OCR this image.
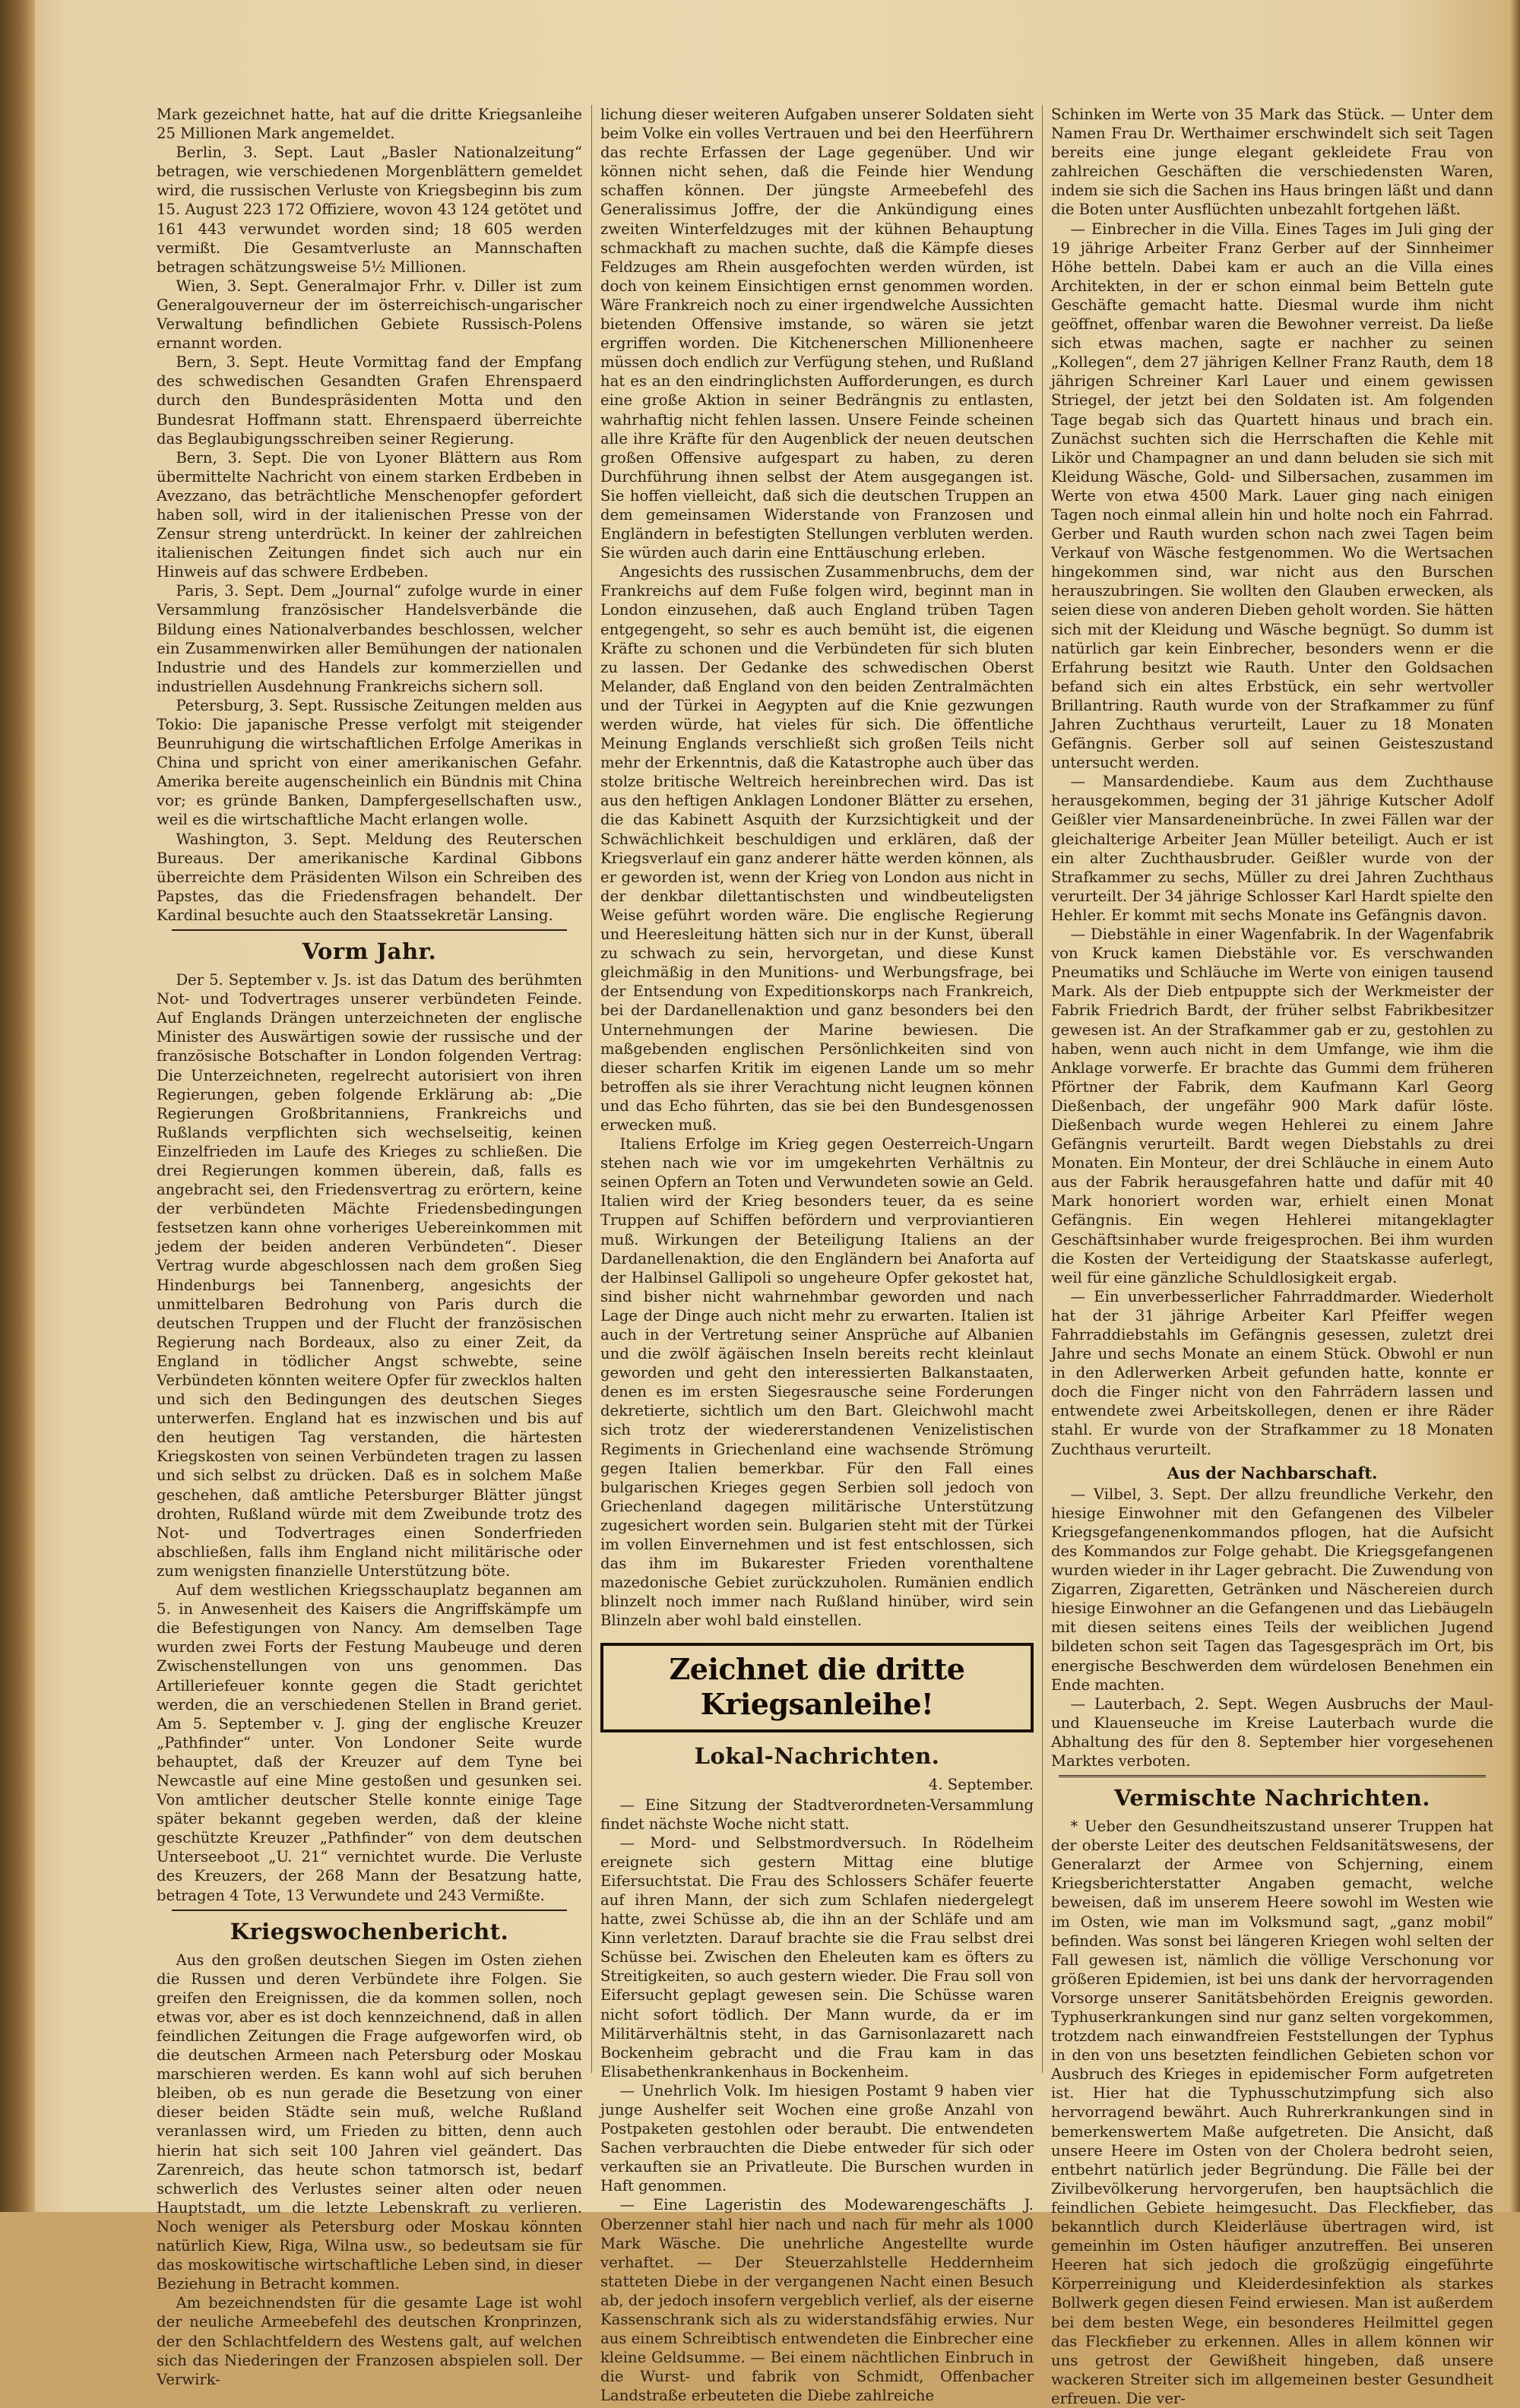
Mark gezeichnet hatte, hat auf die dritte Kriegsanleihe 25 Millionen Mark angemeldet.

Berlin, 3. Sept. Laut „Basler Nationalzeitung“ betragen, wie verschiedenen Morgenblättern gemeldet wird, die russischen Verluste von Kriegsbeginn bis zum 15. August 223 172 Offiziere, wovon 43 124 getötet und 161 443 verwundet worden sind; 18 605 werden vermißt. Die Gesamtverluste an Mannschaften betragen schätzungsweise 5½ Millionen.

Wien, 3. Sept. Generalmajor Frhr. v. Diller ist zum Generalgouverneur der im österreichisch-ungarischer Verwaltung befindlichen Gebiete Russisch-Polens ernannt worden.

Bern, 3. Sept. Heute Vormittag fand der Empfang des schwedischen Gesandten Grafen Ehrenspaerd durch den Bundespräsidenten Motta und den Bundesrat Hoffmann statt. Ehrenspaerd überreichte das Beglaubigungsschreiben seiner Regierung.

Bern, 3. Sept. Die von Lyoner Blättern aus Rom übermittelte Nachricht von einem starken Erdbeben in Avezzano, das beträchtliche Menschenopfer gefordert haben soll, wird in der italienischen Presse von der Zensur streng unterdrückt. In keiner der zahlreichen italienischen Zeitungen findet sich auch nur ein Hinweis auf das schwere Erdbeben.

Paris, 3. Sept. Dem „Journal“ zufolge wurde in einer Versammlung französischer Handelsverbände die Bildung eines Nationalverbandes beschlossen, welcher ein Zusammenwirken aller Bemühungen der nationalen Industrie und des Handels zur kommerziellen und industriellen Ausdehnung Frankreichs sichern soll.

Petersburg, 3. Sept. Russische Zeitungen melden aus Tokio: Die japanische Presse verfolgt mit steigender Beunruhigung die wirtschaftlichen Erfolge Amerikas in China und spricht von einer amerikanischen Gefahr. Amerika bereite augenscheinlich ein Bündnis mit China vor; es gründe Banken, Dampfergesellschaften usw., weil es die wirtschaftliche Macht erlangen wolle.

Washington, 3. Sept. Meldung des Reuterschen Bureaus. Der amerikanische Kardinal Gibbons überreichte dem Präsidenten Wilson ein Schreiben des Papstes, das die Friedensfragen behandelt. Der Kardinal besuchte auch den Staatssekretär Lansing.

Vorm Jahr.

Der 5. September v. Js. ist das Datum des berühmten Not- und Todvertrages unserer verbündeten Feinde. Auf Englands Drängen unterzeichneten der englische Minister des Auswärtigen sowie der russische und der französische Botschafter in London folgenden Vertrag: Die Unterzeichneten, regelrecht autorisiert von ihren Regierungen, geben folgende Erklärung ab: „Die Regierungen Großbritanniens, Frankreichs und Rußlands verpflichten sich wechselseitig, keinen Einzelfrieden im Laufe des Krieges zu schließen. Die drei Regierungen kommen überein, daß, falls es angebracht sei, den Friedensvertrag zu erörtern, keine der verbündeten Mächte Friedensbedingungen festsetzen kann ohne vorheriges Uebereinkommen mit jedem der beiden anderen Verbündeten“. Dieser Vertrag wurde abgeschlossen nach dem großen Sieg Hindenburgs bei Tannenberg, angesichts der unmittelbaren Bedrohung von Paris durch die deutschen Truppen und der Flucht der französischen Regierung nach Bordeaux, also zu einer Zeit, da England in tödlicher Angst schwebte, seine Verbündeten könnten weitere Opfer für zwecklos halten und sich den Bedingungen des deutschen Sieges unterwerfen. England hat es inzwischen und bis auf den heutigen Tag verstanden, die härtesten Kriegskosten von seinen Verbündeten tragen zu lassen und sich selbst zu drücken. Daß es in solchem Maße geschehen, daß amtliche Petersburger Blätter jüngst drohten, Rußland würde mit dem Zweibunde trotz des Not- und Todvertrages einen Sonderfrieden abschließen, falls ihm England nicht militärische oder zum wenigsten finanzielle Unterstützung böte.

Auf dem westlichen Kriegsschauplatz begannen am 5. in Anwesenheit des Kaisers die Angriffskämpfe um die Befestigungen von Nancy. Am demselben Tage wurden zwei Forts der Festung Maubeuge und deren Zwischenstellungen von uns genommen. Das Artilleriefeuer konnte gegen die Stadt gerichtet werden, die an verschiedenen Stellen in Brand geriet. Am 5. September v. J. ging der englische Kreuzer „Pathfinder“ unter. Von Londoner Seite wurde behauptet, daß der Kreuzer auf dem Tyne bei Newcastle auf eine Mine gestoßen und gesunken sei. Von amtlicher deutscher Stelle konnte einige Tage später bekannt gegeben werden, daß der kleine geschützte Kreuzer „Pathfinder“ von dem deutschen Unterseeboot „U. 21“ vernichtet wurde. Die Verluste des Kreuzers, der 268 Mann der Besatzung hatte, betragen 4 Tote, 13 Verwundete und 243 Vermißte.

Kriegswochenbericht.

Aus den großen deutschen Siegen im Osten ziehen die Russen und deren Verbündete ihre Folgen. Sie greifen den Ereignissen, die da kommen sollen, noch etwas vor, aber es ist doch kennzeichnend, daß in allen feindlichen Zeitungen die Frage aufgeworfen wird, ob die deutschen Armeen nach Petersburg oder Moskau marschieren werden. Es kann wohl auf sich beruhen bleiben, ob es nun gerade die Besetzung von einer dieser beiden Städte sein muß, welche Rußland veranlassen wird, um Frieden zu bitten, denn auch hierin hat sich seit 100 Jahren viel geändert. Das Zarenreich, das heute schon tatmorsch ist, bedarf schwerlich des Verlustes seiner alten oder neuen Hauptstadt, um die letzte Lebenskraft zu verlieren. Noch weniger als Petersburg oder Moskau könnten natürlich Kiew, Riga, Wilna usw., so bedeutsam sie für das moskowitische wirtschaftliche Leben sind, in dieser Beziehung in Betracht kommen.

Am bezeichnendsten für die gesamte Lage ist wohl der neuliche Armeebefehl des deutschen Kronprinzen, der den Schlachtfeldern des Westens galt, auf welchen sich das Niederingen der Franzosen abspielen soll. Der Verwirk-

lichung dieser weiteren Aufgaben unserer Soldaten sieht beim Volke ein volles Vertrauen und bei den Heerführern das rechte Erfassen der Lage gegenüber. Und wir können nicht sehen, daß die Feinde hier Wendung schaffen können. Der jüngste Armeebefehl des Generalissimus Joffre, der die Ankündigung eines zweiten Winterfeldzuges mit der kühnen Behauptung schmackhaft zu machen suchte, daß die Kämpfe dieses Feldzuges am Rhein ausgefochten werden würden, ist doch von keinem Einsichtigen ernst genommen worden. Wäre Frankreich noch zu einer irgendwelche Aussichten bietenden Offensive imstande, so wären sie jetzt ergriffen worden. Die Kitchenerschen Millionenheere müssen doch endlich zur Verfügung stehen, und Rußland hat es an den eindringlichsten Aufforderungen, es durch eine große Aktion in seiner Bedrängnis zu entlasten, wahrhaftig nicht fehlen lassen. Unsere Feinde scheinen alle ihre Kräfte für den Augenblick der neuen deutschen großen Offensive aufgespart zu haben, zu deren Durchführung ihnen selbst der Atem ausgegangen ist. Sie hoffen vielleicht, daß sich die deutschen Truppen an dem gemeinsamen Widerstande von Franzosen und Engländern in befestigten Stellungen verbluten werden. Sie würden auch darin eine Enttäuschung erleben.

Angesichts des russischen Zusammenbruchs, dem der Frankreichs auf dem Fuße folgen wird, beginnt man in London einzusehen, daß auch England trüben Tagen entgegengeht, so sehr es auch bemüht ist, die eigenen Kräfte zu schonen und die Verbündeten für sich bluten zu lassen. Der Gedanke des schwedischen Oberst Melander, daß England von den beiden Zentralmächten und der Türkei in Aegypten auf die Knie gezwungen werden würde, hat vieles für sich. Die öffentliche Meinung Englands verschließt sich großen Teils nicht mehr der Erkenntnis, daß die Katastrophe auch über das stolze britische Weltreich hereinbrechen wird. Das ist aus den heftigen Anklagen Londoner Blätter zu ersehen, die das Kabinett Asquith der Kurzsichtigkeit und der Schwächlichkeit beschuldigen und erklären, daß der Kriegsverlauf ein ganz anderer hätte werden können, als er geworden ist, wenn der Krieg von London aus nicht in der denkbar dilettantischsten und windbeuteligsten Weise geführt worden wäre. Die englische Regierung und Heeresleitung hätten sich nur in der Kunst, überall zu schwach zu sein, hervorgetan, und diese Kunst gleichmäßig in den Munitions- und Werbungsfrage, bei der Entsendung von Expeditionskorps nach Frankreich, bei der Dardanellenaktion und ganz besonders bei den Unternehmungen der Marine bewiesen. Die maßgebenden englischen Persönlichkeiten sind von dieser scharfen Kritik im eigenen Lande um so mehr betroffen als sie ihrer Verachtung nicht leugnen können und das Echo führten, das sie bei den Bundesgenossen erwecken muß.

Italiens Erfolge im Krieg gegen Oesterreich-Ungarn stehen nach wie vor im umgekehrten Verhältnis zu seinen Opfern an Toten und Verwundeten sowie an Geld. Italien wird der Krieg besonders teuer, da es seine Truppen auf Schiffen befördern und verproviantieren muß. Wirkungen der Beteiligung Italiens an der Dardanellenaktion, die den Engländern bei Anaforta auf der Halbinsel Gallipoli so ungeheure Opfer gekostet hat, sind bisher nicht wahrnehmbar geworden und nach Lage der Dinge auch nicht mehr zu erwarten. Italien ist auch in der Vertretung seiner Ansprüche auf Albanien und die zwölf ägäischen Inseln bereits recht kleinlaut geworden und geht den interessierten Balkanstaaten, denen es im ersten Siegesrausche seine Forderungen dekretierte, sichtlich um den Bart. Gleichwohl macht sich trotz der wiedererstandenen Venizelistischen Regiments in Griechenland eine wachsende Strömung gegen Italien bemerkbar. Für den Fall eines bulgarischen Krieges gegen Serbien soll jedoch von Griechenland dagegen militärische Unterstützung zugesichert worden sein. Bulgarien steht mit der Türkei im vollen Einvernehmen und ist fest entschlossen, sich das ihm im Bukarester Frieden vorenthaltene mazedonische Gebiet zurückzuholen. Rumänien endlich blinzelt noch immer nach Rußland hinüber, wird sein Blinzeln aber wohl bald einstellen.

Zeichnet die dritte Kriegsanleihe!
Lokal-Nachrichten.
4. September.

— Eine Sitzung der Stadtverordneten-Versammlung findet nächste Woche nicht statt.

— Mord- und Selbstmordversuch. In Rödelheim ereignete sich gestern Mittag eine blutige Eifersuchtstat. Die Frau des Schlossers Schäfer feuerte auf ihren Mann, der sich zum Schlafen niedergelegt hatte, zwei Schüsse ab, die ihn an der Schläfe und am Kinn verletzten. Darauf brachte sie die Frau selbst drei Schüsse bei. Zwischen den Eheleuten kam es öfters zu Streitigkeiten, so auch gestern wieder. Die Frau soll von Eifersucht geplagt gewesen sein. Die Schüsse waren nicht sofort tödlich. Der Mann wurde, da er im Militärverhältnis steht, in das Garnisonlazarett nach Bockenheim gebracht und die Frau kam in das Elisabethenkrankenhaus in Bockenheim.

— Unehrlich Volk. Im hiesigen Postamt 9 haben vier junge Aushelfer seit Wochen eine große Anzahl von Postpaketen gestohlen oder beraubt. Die entwendeten Sachen verbrauchten die Diebe entweder für sich oder verkauften sie an Privatleute. Die Burschen wurden in Haft genommen.

— Eine Lageristin des Modewarengeschäfts J. Oberzenner stahl hier nach und nach für mehr als 1000 Mark Wäsche. Die unehrliche Angestellte wurde verhaftet. — Der Steuerzahlstelle Heddernheim statteten Diebe in der vergangenen Nacht einen Besuch ab, der jedoch insofern vergeblich verlief, als der eiserne Kassenschrank sich als zu widerstandsfähig erwies. Nur aus einem Schreibtisch entwendeten die Einbrecher eine kleine Geldsumme. — Bei einem nächtlichen Einbruch in die Wurst- und fabrik von Schmidt, Offenbacher Landstraße erbeuteten die Diebe zahlreiche

Schinken im Werte von 35 Mark das Stück. — Unter dem Namen Frau Dr. Werthaimer erschwindelt sich seit Tagen bereits eine junge elegant gekleidete Frau von zahlreichen Geschäften die verschiedensten Waren, indem sie sich die Sachen ins Haus bringen läßt und dann die Boten unter Ausflüchten unbezahlt fortgehen läßt.

— Einbrecher in die Villa. Eines Tages im Juli ging der 19 jährige Arbeiter Franz Gerber auf der Sinnheimer Höhe betteln. Dabei kam er auch an die Villa eines Architekten, in der er schon einmal beim Betteln gute Geschäfte gemacht hatte. Diesmal wurde ihm nicht geöffnet, offenbar waren die Bewohner verreist. Da ließe sich etwas machen, sagte er nachher zu seinen „Kollegen“, dem 27 jährigen Kellner Franz Rauth, dem 18 jährigen Schreiner Karl Lauer und einem gewissen Striegel, der jetzt bei den Soldaten ist. Am folgenden Tage begab sich das Quartett hinaus und brach ein. Zunächst suchten sich die Herrschaften die Kehle mit Likör und Champagner an und dann beluden sie sich mit Kleidung Wäsche, Gold- und Silbersachen, zusammen im Werte von etwa 4500 Mark. Lauer ging nach einigen Tagen noch einmal allein hin und holte noch ein Fahrrad. Gerber und Rauth wurden schon nach zwei Tagen beim Verkauf von Wäsche festgenommen. Wo die Wertsachen hingekommen sind, war nicht aus den Burschen herauszubringen. Sie wollten den Glauben erwecken, als seien diese von anderen Dieben geholt worden. Sie hätten sich mit der Kleidung und Wäsche begnügt. So dumm ist natürlich gar kein Einbrecher, besonders wenn er die Erfahrung besitzt wie Rauth. Unter den Goldsachen befand sich ein altes Erbstück, ein sehr wertvoller Brillantring. Rauth wurde von der Strafkammer zu fünf Jahren Zuchthaus verurteilt, Lauer zu 18 Monaten Gefängnis. Gerber soll auf seinen Geisteszustand untersucht werden.

— Mansardendiebe. Kaum aus dem Zuchthause herausgekommen, beging der 31 jährige Kutscher Adolf Geißler vier Mansardeneinbrüche. In zwei Fällen war der gleichalterige Arbeiter Jean Müller beteiligt. Auch er ist ein alter Zuchthausbruder. Geißler wurde von der Strafkammer zu sechs, Müller zu drei Jahren Zuchthaus verurteilt. Der 34 jährige Schlosser Karl Hardt spielte den Hehler. Er kommt mit sechs Monate ins Gefängnis davon.

— Diebstähle in einer Wagenfabrik. In der Wagenfabrik von Kruck kamen Diebstähle vor. Es verschwanden Pneumatiks und Schläuche im Werte von einigen tausend Mark. Als der Dieb entpuppte sich der Werkmeister der Fabrik Friedrich Bardt, der früher selbst Fabrikbesitzer gewesen ist. An der Strafkammer gab er zu, gestohlen zu haben, wenn auch nicht in dem Umfange, wie ihm die Anklage vorwerfe. Er brachte das Gummi dem früheren Pförtner der Fabrik, dem Kaufmann Karl Georg Dießenbach, der ungefähr 900 Mark dafür löste. Dießenbach wurde wegen Hehlerei zu einem Jahre Gefängnis verurteilt. Bardt wegen Diebstahls zu drei Monaten. Ein Monteur, der drei Schläuche in einem Auto aus der Fabrik herausgefahren hatte und dafür mit 40 Mark honoriert worden war, erhielt einen Monat Gefängnis. Ein wegen Hehlerei mitangeklagter Geschäftsinhaber wurde freigesprochen. Bei ihm wurden die Kosten der Verteidigung der Staatskasse auferlegt, weil für eine gänzliche Schuldlosigkeit ergab.

— Ein unverbesserlicher Fahrraddmarder. Wiederholt hat der 31 jährige Arbeiter Karl Pfeiffer wegen Fahrraddiebstahls im Gefängnis gesessen, zuletzt drei Jahre und sechs Monate an einem Stück. Obwohl er nun in den Adlerwerken Arbeit gefunden hatte, konnte er doch die Finger nicht von den Fahrrädern lassen und entwendete zwei Arbeitskollegen, denen er ihre Räder stahl. Er wurde von der Strafkammer zu 18 Monaten Zuchthaus verurteilt.

Aus der Nachbarschaft.

— Vilbel, 3. Sept. Der allzu freundliche Verkehr, den hiesige Einwohner mit den Gefangenen des Vilbeler Kriegsgefangenenkommandos pflogen, hat die Aufsicht des Kommandos zur Folge gehabt. Die Kriegsgefangenen wurden wieder in ihr Lager gebracht. Die Zuwendung von Zigarren, Zigaretten, Getränken und Näschereien durch hiesige Einwohner an die Gefangenen und das Liebäugeln mit diesen seitens eines Teils der weiblichen Jugend bildeten schon seit Tagen das Tagesgespräch im Ort, bis energische Beschwerden dem würdelosen Benehmen ein Ende machten.

— Lauterbach, 2. Sept. Wegen Ausbruchs der Maul- und Klauenseuche im Kreise Lauterbach wurde die Abhaltung des für den 8. September hier vorgesehenen Marktes verboten.

Vermischte Nachrichten.

* Ueber den Gesundheitszustand unserer Truppen hat der oberste Leiter des deutschen Feldsanitätswesens, der Generalarzt der Armee von Schjerning, einem Kriegsberichterstatter Angaben gemacht, welche beweisen, daß im unserem Heere sowohl im Westen wie im Osten, wie man im Volksmund sagt, „ganz mobil“ befinden. Was sonst bei längeren Kriegen wohl selten der Fall gewesen ist, nämlich die völlige Verschonung vor größeren Epidemien, ist bei uns dank der hervorragenden Vorsorge unserer Sanitätsbehörden Ereignis geworden. Typhuserkrankungen sind nur ganz selten vorgekommen, trotzdem nach einwandfreien Feststellungen der Typhus in den von uns besetzten feindlichen Gebieten schon vor Ausbruch des Krieges in epidemischer Form aufgetreten ist. Hier hat die Typhusschutzimpfung sich also hervorragend bewährt. Auch Ruhrerkrankungen sind in bemerkenswertem Maße aufgetreten. Die Ansicht, daß unsere Heere im Osten von der Cholera bedroht seien, entbehrt natürlich jeder Begründung. Die Fälle bei der Zivilbevölkerung hervorgerufen, ben hauptsächlich die feindlichen Gebiete heimgesucht. Das Fleckfieber, das bekanntlich durch Kleiderläuse übertragen wird, ist gemeinhin im Osten häufiger anzutreffen. Bei unseren Heeren hat sich jedoch die großzügig eingeführte Körperreinigung und Kleiderdesinfektion als starkes Bollwerk gegen diesen Feind erwiesen. Man ist außerdem bei dem besten Wege, ein besonderes Heilmittel gegen das Fleckfieber zu erkennen. Alles in allem können wir uns getrost der Gewißheit hingeben, daß unsere wackeren Streiter sich im allgemeinen bester Gesundheit erfreuen. Die ver-
